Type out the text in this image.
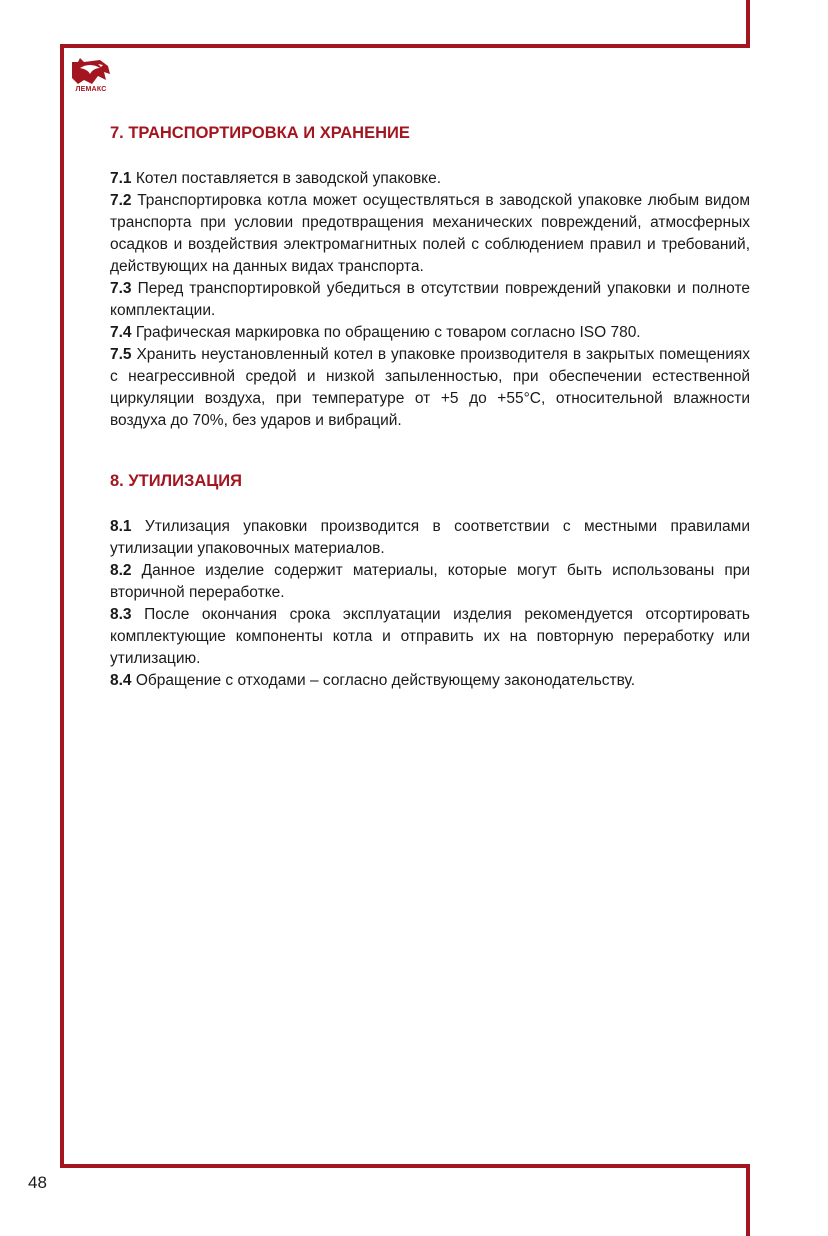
ЛЕМАКС
7. ТРАНСПОРТИРОВКА И ХРАНЕНИЕ

7.1 Котел поставляется в заводской упаковке.

7.2 Транспортировка котла может осуществляться в заводской упаковке любым видом транспорта при условии предотвращения механических повреждений, атмосферных осадков и воздействия электромагнитных полей с соблюдением правил и требований, действующих на данных видах транспорта.

7.3 Перед транспортировкой убедиться в отсутствии повреждений упаковки и полноте комплектации.

7.4 Графическая маркировка по обращению с товаром согласно ISO 780.

7.5 Хранить неустановленный котел в упаковке производителя в закрытых помещениях с неагрессивной средой и низкой запыленностью, при обеспечении естественной циркуляции воздуха, при температуре от +5 до +55°С, относительной влажности воздуха до 70%, без ударов и вибраций.

8. УТИЛИЗАЦИЯ

8.1 Утилизация упаковки производится в соответствии с местными правилами утилизации упаковочных материалов.

8.2 Данное изделие содержит материалы, которые могут быть использованы при вторичной переработке.

8.3 После окончания срока эксплуатации изделия рекомендуется отсортировать комплектующие компоненты котла и отправить их на повторную переработку или утилизацию.

8.4 Обращение с отходами – согласно действующему законодательству.

48
